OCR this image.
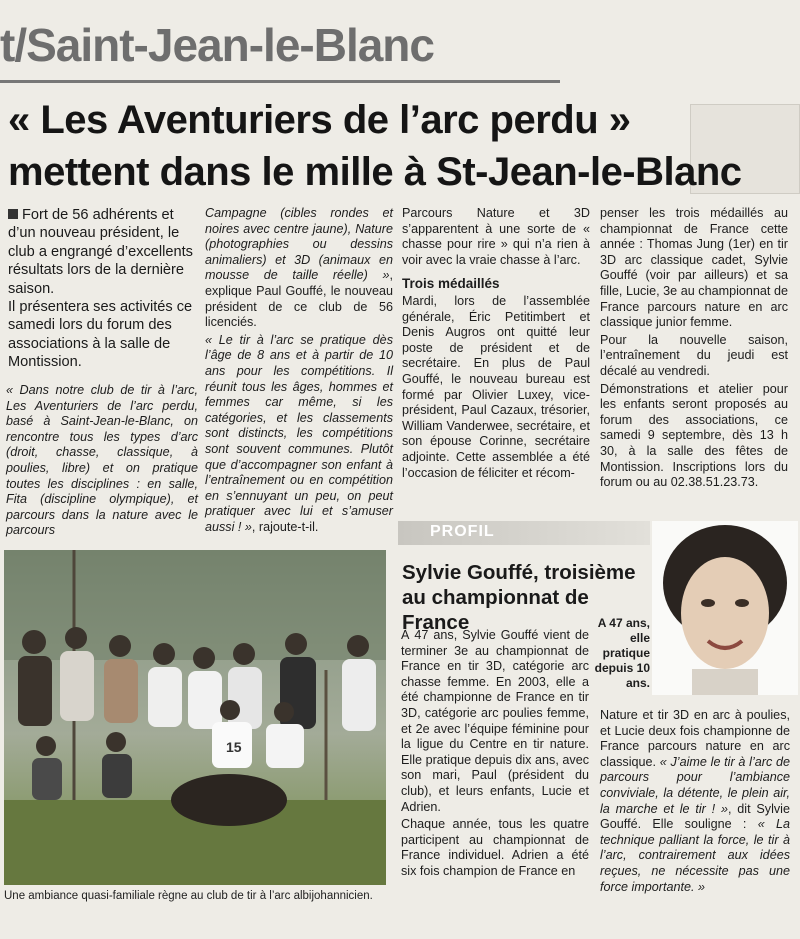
t/Saint-Jean-le-Blanc
« Les Aventuriers de l’arc perdu »
mettent dans le mille à St-Jean-le-Blanc

Fort de 56 adhérents et d’un nouveau président, le club a engrangé d’excellents résultats lors de la dernière saison.

Il présentera ses activités ce samedi lors du forum des associations à la salle de Montission.

« Dans notre club de tir à l’arc, Les Aventuriers de l’arc perdu, basé à Saint-Jean-le-Blanc, on rencontre tous les types d’arc (droit, chasse, classique, à poulies, libre) et on pratique toutes les disciplines : en salle, Fita (discipline olympique), et parcours dans la nature avec le parcours

Campagne (cibles rondes et noires avec centre jaune), Nature (photographies ou dessins animaliers) et 3D (animaux en mousse de taille réelle) », explique Paul Gouffé, le nouveau président de ce club de 56 licenciés.

« Le tir à l’arc se pratique dès l’âge de 8 ans et à partir de 10 ans pour les compétitions. Il réunit tous les âges, hommes et femmes car même, si les catégories, et les classements sont distincts, les compétitions sont souvent communes. Plutôt que d’accompagner son enfant à l’entraînement ou en compétition en s’ennuyant un peu, on peut pratiquer avec lui et s’amuser aussi ! », rajoute-t-il.

Parcours Nature et 3D s’apparentent à une sorte de « chasse pour rire » qui n’a rien à voir avec la vraie chasse à l’arc.

Trois médaillés

Mardi, lors de l’assemblée générale, Éric Petitimbert et Denis Augros ont quitté leur poste de président et de secrétaire. En plus de Paul Gouffé, le nouveau bureau est formé par Olivier Luxey, vice-président, Paul Cazaux, trésorier, William Vanderwee, secrétaire, et son épouse Corinne, secrétaire adjointe. Cette assemblée a été l’occasion de féliciter et récom-

penser les trois médaillés au championnat de France cette année : Thomas Jung (1er) en tir 3D arc classique cadet, Sylvie Gouffé (voir par ailleurs) et sa fille, Lucie, 3e au championnat de France parcours nature en arc classique junior femme.

Pour la nouvelle saison, l’entraînement du jeudi est décalé au vendredi.

Démonstrations et atelier pour les enfants seront proposés au forum des associations, ce samedi 9 septembre, dès 13 h 30, à la salle des fêtes de Montission. Inscriptions lors du forum ou au 02.38.51.23.73.

15
Une ambiance quasi-familiale règne au club de tir à l’arc albijohannicien.
PROFIL
Sylvie Gouffé, troisième au championnat de France	A 47 ans, elle pratique depuis 10 ans.

À 47 ans, Sylvie Gouffé vient de terminer 3e au championnat de France en tir 3D, catégorie arc chasse femme. En 2003, elle a été championne de France en tir 3D, catégorie arc poulies femme, et 2e avec l’équipe féminine pour la ligue du Centre en tir nature. Elle pratique depuis dix ans, avec son mari, Paul (président du club), et leurs enfants, Lucie et Adrien.

Chaque année, tous les quatre participent au championnat de France individuel. Adrien a été six fois champion de France en

Nature et tir 3D en arc à poulies, et Lucie deux fois championne de France parcours nature en arc classique. « J’aime le tir à l’arc de parcours pour l’ambiance conviviale, la détente, le plein air, la marche et le tir ! », dit Sylvie Gouffé. Elle souligne : « La technique palliant la force, le tir à l’arc, contrairement aux idées reçues, ne nécessite pas une force importante. »
